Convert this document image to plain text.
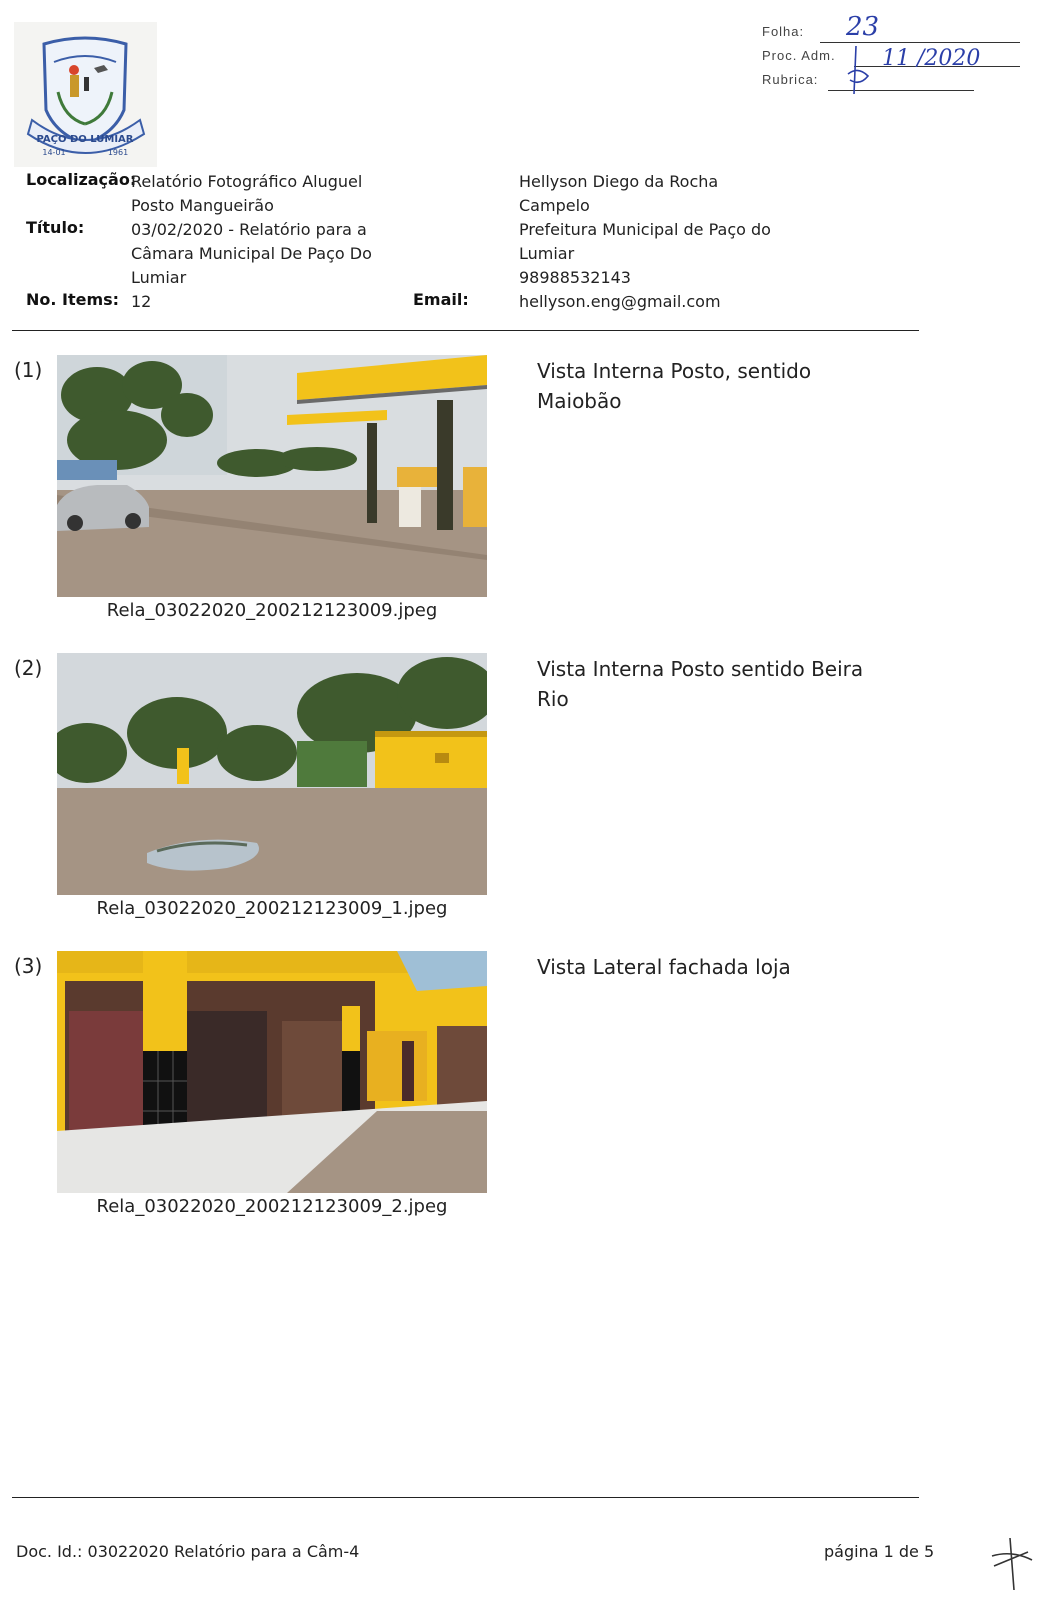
PAÇO DO LUMIAR
14-01	1961
Folha: 23
Proc. Adm. 11 /2020
Rubrica:
Localização:
Relatório Fotográfico Aluguel
Posto Mangueirão
Título:	03/02/2020 - Relatório para a
Câmara Municipal De Paço Do
Lumiar
No. Items: 12	Email:
Hellyson Diego da Rocha
Campelo
Prefeitura Municipal de Paço do
Lumiar
98988532143
hellyson.eng@gmail.com
(1)
Rela_03022020_200212123009.jpeg
Vista Interna Posto, sentido
Maiobão
(2)
Rela_03022020_200212123009_1.jpeg
Vista Interna Posto sentido Beira
Rio
(3)
Rela_03022020_200212123009_2.jpeg
Vista Lateral fachada loja
Doc. Id.: 03022020 Relatório para a Câm-4	página 1 de 5
